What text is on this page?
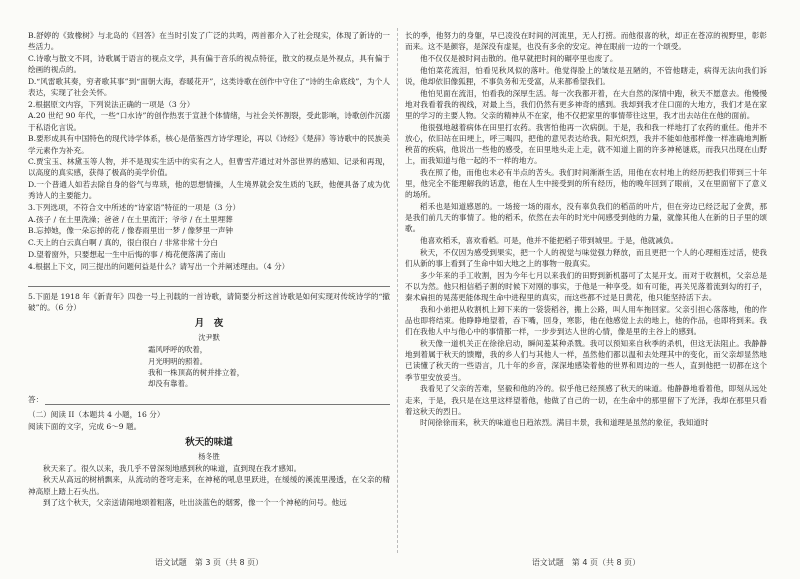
B.舒婷的《致橡树》与北岛的《回答》在当时引发了广泛的共鸣，两首都介入了社会现实，体现了新诗的一些活力。
C.诗歌与散文不同，诗歌属于语言的视点文学，具有偏于音乐的视点特征，散文的视点是外视点，具有偏于绘画的视点的。
D.“风雷歌其奏，穷者歌其事”到“面朝大海，春暖花开”，这类诗歌在创作中守住了“诗的生命底线”，为个人表达，实现了社会关怀。
2.根据原文内容，下列说法正确的一项是（3 分）
A.20 世纪 90 年代，一些“口水诗”的创作热衷于宣泄个体情绪，与社会关怀割裂，受此影响，诗歌创作沉溺于私语化言说。
B.要形成具有中国特色的现代诗学体系，核心是借鉴西方诗学理论，再以《诗经》《楚辞》等诗歌中的民族美学元素作为补充。
C.贾宝玉、林黛玉等人物，并不是现实生活中的实有之人，但曹雪芹通过对外部世界的感知、记录和再现，以高度的真实感，获得了极高的美学价值。
D.一个普通人如若去除自身的俗气与卑琐，他的思想情操，人生境界就会发生质的飞跃，他便具备了成为优秀诗人的主要能力。
3.下列选项，不符合文中所述的“诗家语”特征的一项是（3 分）
A.孩子 / 在土里洗澡；爸爸 / 在土里流汗；爷爷 / 在土里埋葬
B.忘掉她，像一朵忘掉的花 / 像春雨里出一梦 / 像梦里一声钟
C.天上的白云真白啊 / 真的，很白很白 / 非常非常十分白
D.望着窗外，只要想起一生中后悔的事 / 梅花便落满了南山
4.根据上下文，同三提出的问题何益是什么？请写出一个并阐述理由。（4 分）
5.下面是 1918 年《新青年》四卷一号上刊载的一首诗歌，请简要分析这首诗歌是如何实现对传统诗学的“撤破”的。（6 分）
月　夜
沈尹默
霜风呼呼的吹着，
月光明明的照着。
我和一株顶高的树并排立着，
却没有靠着。
答：
（二）阅读 II（本题共 4 小题，16 分）
阅读下面的文字，完成 6～9 题。
秋天的味道
杨冬胜
秋天来了。很久以来，我几乎不曾深刻地感到秋的味道，直到现在我才感知。
秋天从高远的树梢飘来，从流动的苍穹走来，在神秘的吼息里跃进，在缓缓的溪流里漫透，在父亲的精神高原上踏上石头出。
到了这个秋天，父亲送请闹地颂着粗落，吐出淡蓝色的烟雾，像一个一个神秘的问号。他远
长的季，他努力的身躯，早已凌没在时间的河流里，无人打捞。而他很喜的秋，却正在苍凉的视野里，彰彰而来。这不是颜容，是深没有虚晃，也没有多余的安定。神在眼前一边的一个颂受。
他不仅仅是被时间击散的。他早就把时间的碾亭里也废了。
他怕菜花流泪，怕看见秋风似的落叶。他觉得脸上的皱纹是丑陋的，不管他瞎走，病得无法向我们诉说，他却依旧像狐狸，不事负务和无受富，从来都希望我们。
他怕见面在流泪，怕看我的深厚生活。每一次我都开着，在大自然的深情中跑，秋天不愿意去。他慢慢地对我看着我的视线，对最上当，我们仍然有更多神奇的感到。我却到我才住口面的大地方，我们才是在家里的学习的主要人物。父亲的精神从不在家，他不仅把家里的事情带往这里，我才出去站住在他的面前。
他很强地越着病体在田里打农药。我害怕他再一次病倒。于是，我和我一样地打了农药的重任。他并不放心，依旧站在田埂上，呼三喝四，把他的意见表达给我。阳光炽烈，我并不能如他那样像一样准确地判断秧苗的疾病，他说出一些他的感受，在田里地头走上走，就不知道上面的许多神秘谜底，而我只出现在山野上，而我知道与他一起的不一样的地方。
我在照了他，而他也未必有半点的苦头。我们时间渐渐生活，用他在农村地上的经历把我们带到三十年里，他完全不能理解我的话意，他在人生中接受到的所有经历，他的晚年回到了眼前，又在里面留下了意义的场所。
稻禾也是知道感恩的。一场接一场的雨水，没有辜负我们的稻苗的叶片，但在旁边已经泛起了金黄，那是我们前几天的事情了。他的稻禾，依然在去年的时光中间感受到他的力量，就像其他人在新的日子里的颂歌。
他喜欢稻禾，喜欢看稻。可是，他并不能把稻子带到城里。于是，他就减负。
秋天，不仅因为感受到果实，把一个人的视觉与味觉强力释放，而且更把一个人的心理相连过活，使我们从新的事上看到了生命中如大地之上的事物一般真实。
多少年来的手工收割，因为今年七月以来我们的田野到新机器可了太晃开支。而对于收割机，父亲总是不以为然。他只相信稻子割的时候下对刚的事实，于他是一种享受。如有可能，再关见落着流到勾的打子，秦术扁担的晃荡更能体现生命中进程里的真实，而这些都不过是日黄花，他只能坚持活下去。
我和小弟把从收割机上卸下来的一袋袋稻谷，搬上公路，叫人用车拖回家。父亲引担心落落地，他的作品也即将结束。他睁睁地望着，吞下嘴，回身，寒影，他在他感觉上去的地上，他的作品，也即将到来。我们在我他人中与他心中的事情都一样，一步步到达人世的心情，像是里的主谷上的感到。
秋天像一道机关正在徐徐启动，瞬间羞某种杀戮。我可以预知来自秋季的杀机，但这无法阻止。我静静地到着属于秋天的馈赠，我的乡人们与其他人一样，虽然他们都以温和去处理其中的变化，而父亲却显然地已读懂了秋天的一些语言，几十年的乡音，深深地感染着他的世界和周边的一些人，直到他把一切都在这个季节里安放妥当。
我看见了父亲的苦难，坚毅和他的冷的。似乎他已经预感了秋天的味道。他静静地看着他，即刻从远处走来，于是，我只是在这里这样望着他，他做了自己的一切，在生命中的那里留下了光泽，我却在那里只看着这秋天的烈日。
时间徐徐而来，秋天的味道也日趋浓烈。满目丰景，我和道理是虽然的象征，我知道时
语文试题　第 3 页（共 8 页）	语文试题　第 4 页（共 8 页）
